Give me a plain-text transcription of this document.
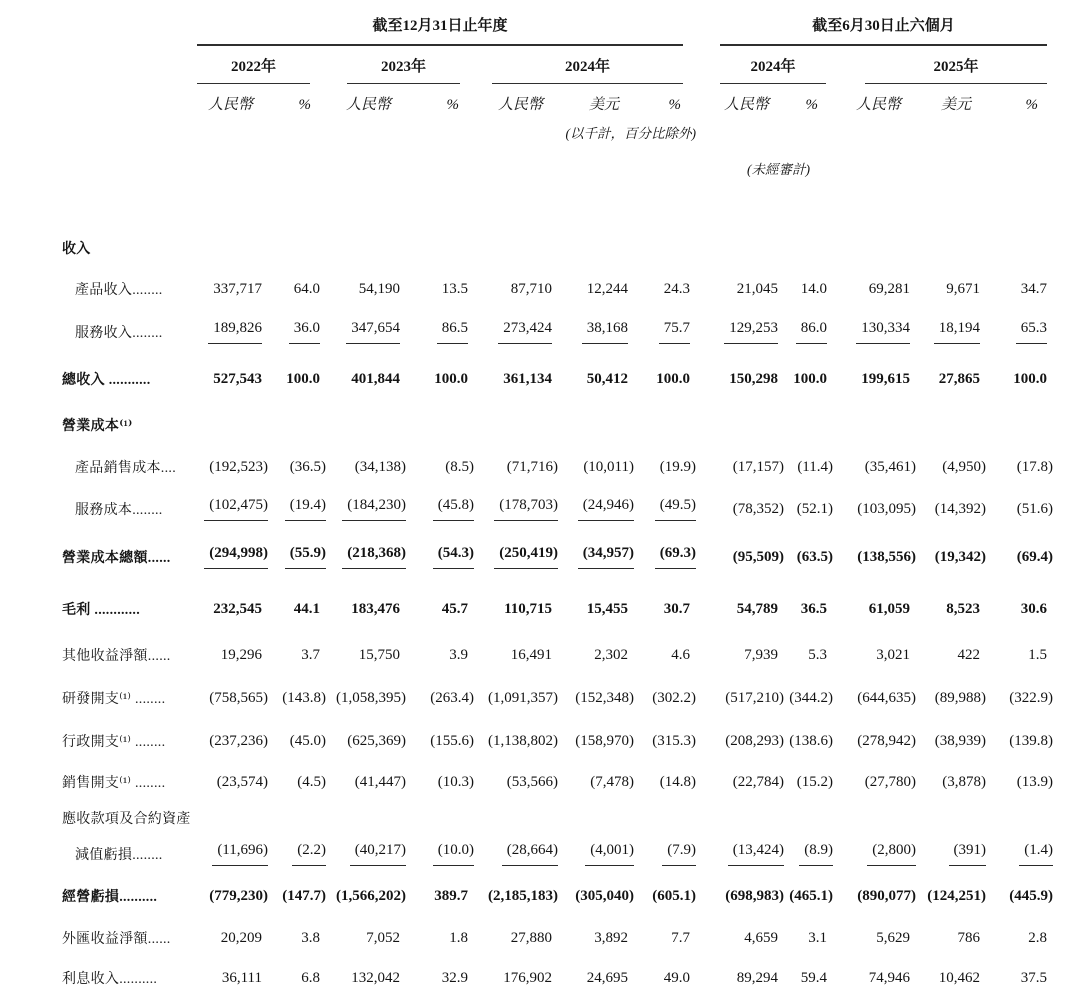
	截至12月31日止年度							截至6月30日止六個月				

	2022年		2023年		2024年			2024年		2025年		

	人民幣	%	人民幣	%	人民幣	美元	%	人民幣	%	人民幣	美元	%
					(以千計，百分比除外)							
								(未經審計)				

收入												
產品收入........	337,717	64.0	54,190	13.5	87,710	12,244	24.3	21,045	14.0	69,281	9,671	34.7
服務收入........	189,826	36.0	347,654	86.5	273,424	38,168	75.7	129,253	86.0	130,334	18,194	65.3
總收入 ...........	527,543	100.0	401,844	100.0	361,134	50,412	100.0	150,298	100.0	199,615	27,865	100.0
營業成本⁽¹⁾												
產品銷售成本....	(192,523)	(36.5)	(34,138)	(8.5)	(71,716)	(10,011)	(19.9)	(17,157)	(11.4)	(35,461)	(4,950)	(17.8)
服務成本........	(102,475)	(19.4)	(184,230)	(45.8)	(178,703)	(24,946)	(49.5)	(78,352)	(52.1)	(103,095)	(14,392)	(51.6)
營業成本總額......	(294,998)	(55.9)	(218,368)	(54.3)	(250,419)	(34,957)	(69.3)	(95,509)	(63.5)	(138,556)	(19,342)	(69.4)
毛利 ............	232,545	44.1	183,476	45.7	110,715	15,455	30.7	54,789	36.5	61,059	8,523	30.6
其他收益淨額......	19,296	3.7	15,750	3.9	16,491	2,302	4.6	7,939	5.3	3,021	422	1.5
研發開支⁽¹⁾ ........	(758,565)	(143.8)	(1,058,395)	(263.4)	(1,091,357)	(152,348)	(302.2)	(517,210)	(344.2)	(644,635)	(89,988)	(322.9)
行政開支⁽¹⁾ ........	(237,236)	(45.0)	(625,369)	(155.6)	(1,138,802)	(158,970)	(315.3)	(208,293)	(138.6)	(278,942)	(38,939)	(139.8)
銷售開支⁽¹⁾ ........	(23,574)	(4.5)	(41,447)	(10.3)	(53,566)	(7,478)	(14.8)	(22,784)	(15.2)	(27,780)	(3,878)	(13.9)
應收款項及合約資產												
減值虧損........	(11,696)	(2.2)	(40,217)	(10.0)	(28,664)	(4,001)	(7.9)	(13,424)	(8.9)	(2,800)	(391)	(1.4)
經營虧損..........	(779,230)	(147.7)	(1,566,202)	389.7	(2,185,183)	(305,040)	(605.1)	(698,983)	(465.1)	(890,077)	(124,251)	(445.9)
外匯收益淨額......	20,209	3.8	7,052	1.8	27,880	3,892	7.7	4,659	3.1	5,629	786	2.8
利息收入..........	36,111	6.8	132,042	32.9	176,902	24,695	49.0	89,294	59.4	74,946	10,462	37.5
